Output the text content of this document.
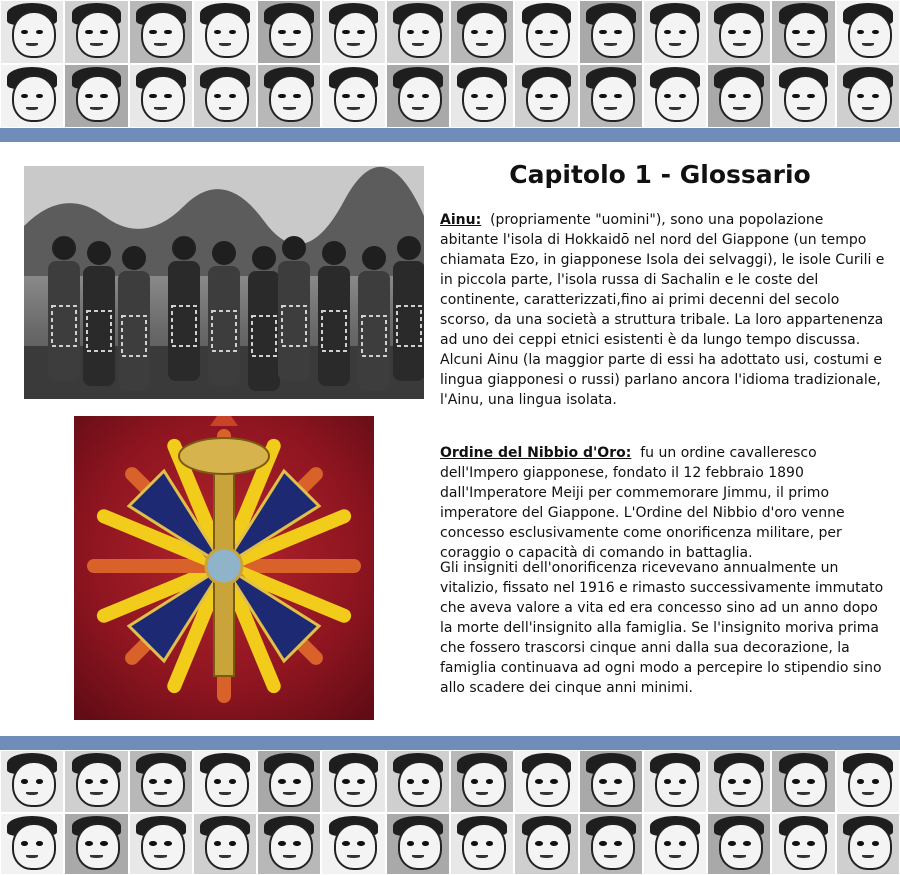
Capitolo 1 - Glossario
Ainu: (propriamente "uomini"), sono una popolazione abitante l'isola di Hokkaidō nel nord del Giappone (un tempo chiamata Ezo, in giapponese Isola dei selvaggi), le isole Curili e in piccola parte, l'isola russa di Sachalin e le coste del continente, caratterizzati,fino ai primi decenni del secolo scorso, da una società a struttura tribale. La loro appartenenza ad uno dei ceppi etnici esistenti è da lungo tempo discussa. Alcuni Ainu (la maggior parte di essi ha adottato usi, costumi e lingua giapponesi o russi) parlano ancora l'idioma tradizionale, l'Ainu, una lingua isolata.
Ordine del Nibbio d'Oro: fu un ordine cavalleresco dell'Impero giapponese, fondato il 12 febbraio 1890 dall'Imperatore Meiji per commemorare Jimmu, il primo imperatore del Giappone. L'Ordine del Nibbio d'oro venne concesso esclusivamente come onorificenza militare, per coraggio o capacità di comando in battaglia.
Gli insigniti dell'onorificenza ricevevano annualmente un vitalizio, fissato nel 1916 e rimasto successivamente immutato che aveva valore a vita ed era concesso sino ad un anno dopo la morte dell'insignito alla famiglia. Se l'insignito moriva prima che fossero trascorsi cinque anni dalla sua decorazione, la famiglia continuava ad ogni modo a percepire lo stipendio sino allo scadere dei cinque anni minimi.
